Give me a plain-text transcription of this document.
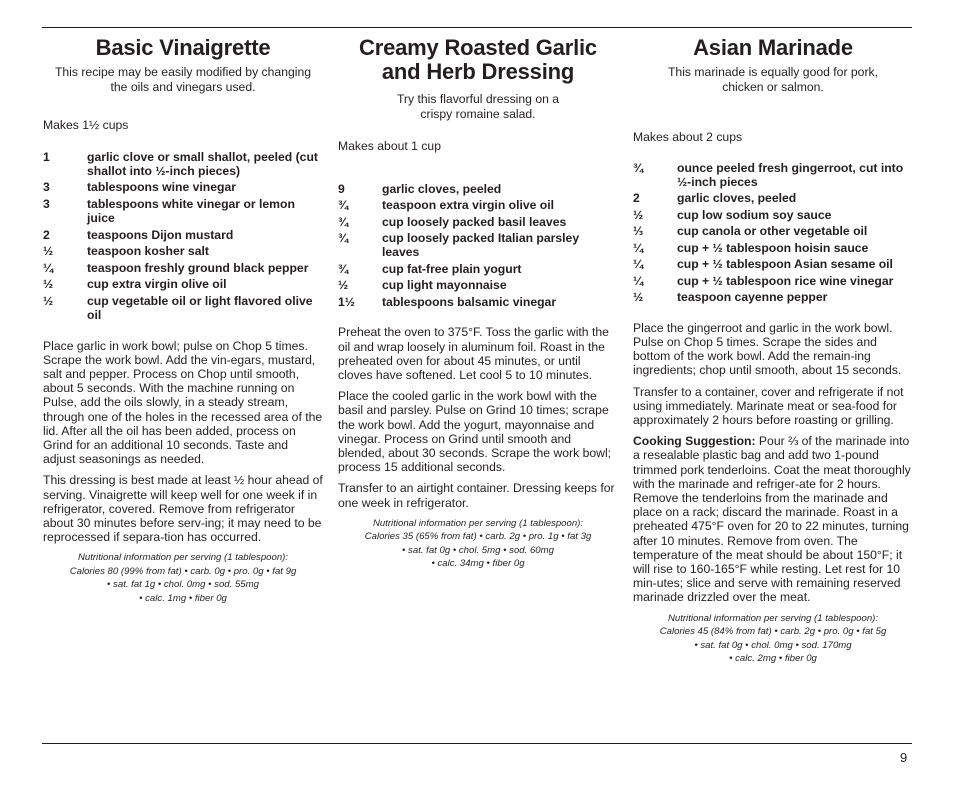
Basic Vinaigrette

This recipe may be easily modified by changing
the oils and vinegars used.

Makes 1½ cups

1	garlic clove or small shallot, peeled (cut shallot into ½-inch pieces)
3	tablespoons wine vinegar
3	tablespoons white vinegar or lemon juice
2	teaspoons Dijon mustard
½	teaspoon kosher salt
¼	teaspoon freshly ground black pepper
½	cup extra virgin olive oil
½	cup vegetable oil or light flavored olive oil

Place garlic in work bowl; pulse on Chop 5 times. Scrape the work bowl. Add the vin-egars, mustard, salt and pepper. Process on Chop until smooth, about 5 seconds. With the machine running on Pulse, add the oils slowly, in a steady stream, through one of the holes in the recessed area of the lid. After all the oil has been added, process on Grind for an additional 10 seconds. Taste and adjust seasonings as needed.

This dressing is best made at least ½ hour ahead of serving. Vinaigrette will keep well for one week if in refrigerator, covered. Remove from refrigerator about 30 minutes before serv-ing; it may need to be reprocessed if separa-tion has occurred.

Nutritional information per serving (1 tablespoon):
Calories 80 (99% from fat) • carb. 0g • pro. 0g • fat 9g
• sat. fat 1g • chol. 0mg • sod. 55mg
• calc. 1mg • fiber 0g

Creamy Roasted Garlic
and Herb Dressing

Try this flavorful dressing on a
crispy romaine salad.

Makes about 1 cup

9	garlic cloves, peeled
¾	teaspoon extra virgin olive oil
¾	cup loosely packed basil leaves
¾	cup loosely packed Italian parsley leaves
¾	cup fat-free plain yogurt
½	cup light mayonnaise
1½	tablespoons balsamic vinegar

Preheat the oven to 375°F. Toss the garlic with the oil and wrap loosely in aluminum foil. Roast in the preheated oven for about 45 minutes, or until cloves have softened. Let cool 5 to 10 minutes.

Place the cooled garlic in the work bowl with the basil and parsley. Pulse on Grind 10 times; scrape the work bowl. Add the yogurt, mayonnaise and vinegar. Process on Grind until smooth and blended, about 30 seconds. Scrape the work bowl; process 15 additional seconds.

Transfer to an airtight container. Dressing keeps for one week in refrigerator.

Nutritional information per serving (1 tablespoon):
Calories 35 (65% from fat) • carb. 2g • pro. 1g • fat 3g
• sat. fat 0g • chol. 5mg • sod. 60mg
• calc. 34mg • fiber 0g

Asian Marinade

This marinade is equally good for pork,
chicken or salmon.

Makes about 2 cups

¾	ounce peeled fresh gingerroot, cut into ½-inch pieces
2	garlic cloves, peeled
½	cup low sodium soy sauce
⅓	cup canola or other vegetable oil
¼	cup + ½ tablespoon hoisin sauce
¼	cup + ½ tablespoon Asian sesame oil
¼	cup + ½ tablespoon rice wine vinegar
½	teaspoon cayenne pepper

Place the gingerroot and garlic in the work bowl. Pulse on Chop 5 times. Scrape the sides and bottom of the work bowl. Add the remain-ing ingredients; chop until smooth, about 15 seconds.

Transfer to a container, cover and refrigerate if not using immediately. Marinate meat or sea-food for approximately 2 hours before roasting or grilling.

Cooking Suggestion: Pour ⅔ of the marinade into a resealable plastic bag and add two 1-pound trimmed pork tenderloins. Coat the meat thoroughly with the marinade and refriger-ate for 2 hours. Remove the tenderloins from the marinade and place on a rack; discard the marinade. Roast in a preheated 475°F oven for 20 to 22 minutes, turning after 10 minutes. Remove from oven. The temperature of the meat should be about 150°F; it will rise to 160-165°F while resting. Let rest for 10 min-utes; slice and serve with remaining reserved marinade drizzled over the meat.

Nutritional information per serving (1 tablespoon):
Calories 45 (84% from fat) • carb. 2g • pro. 0g • fat 5g
• sat. fat 0g • chol. 0mg • sod. 170mg
• calc. 2mg • fiber 0g

9
